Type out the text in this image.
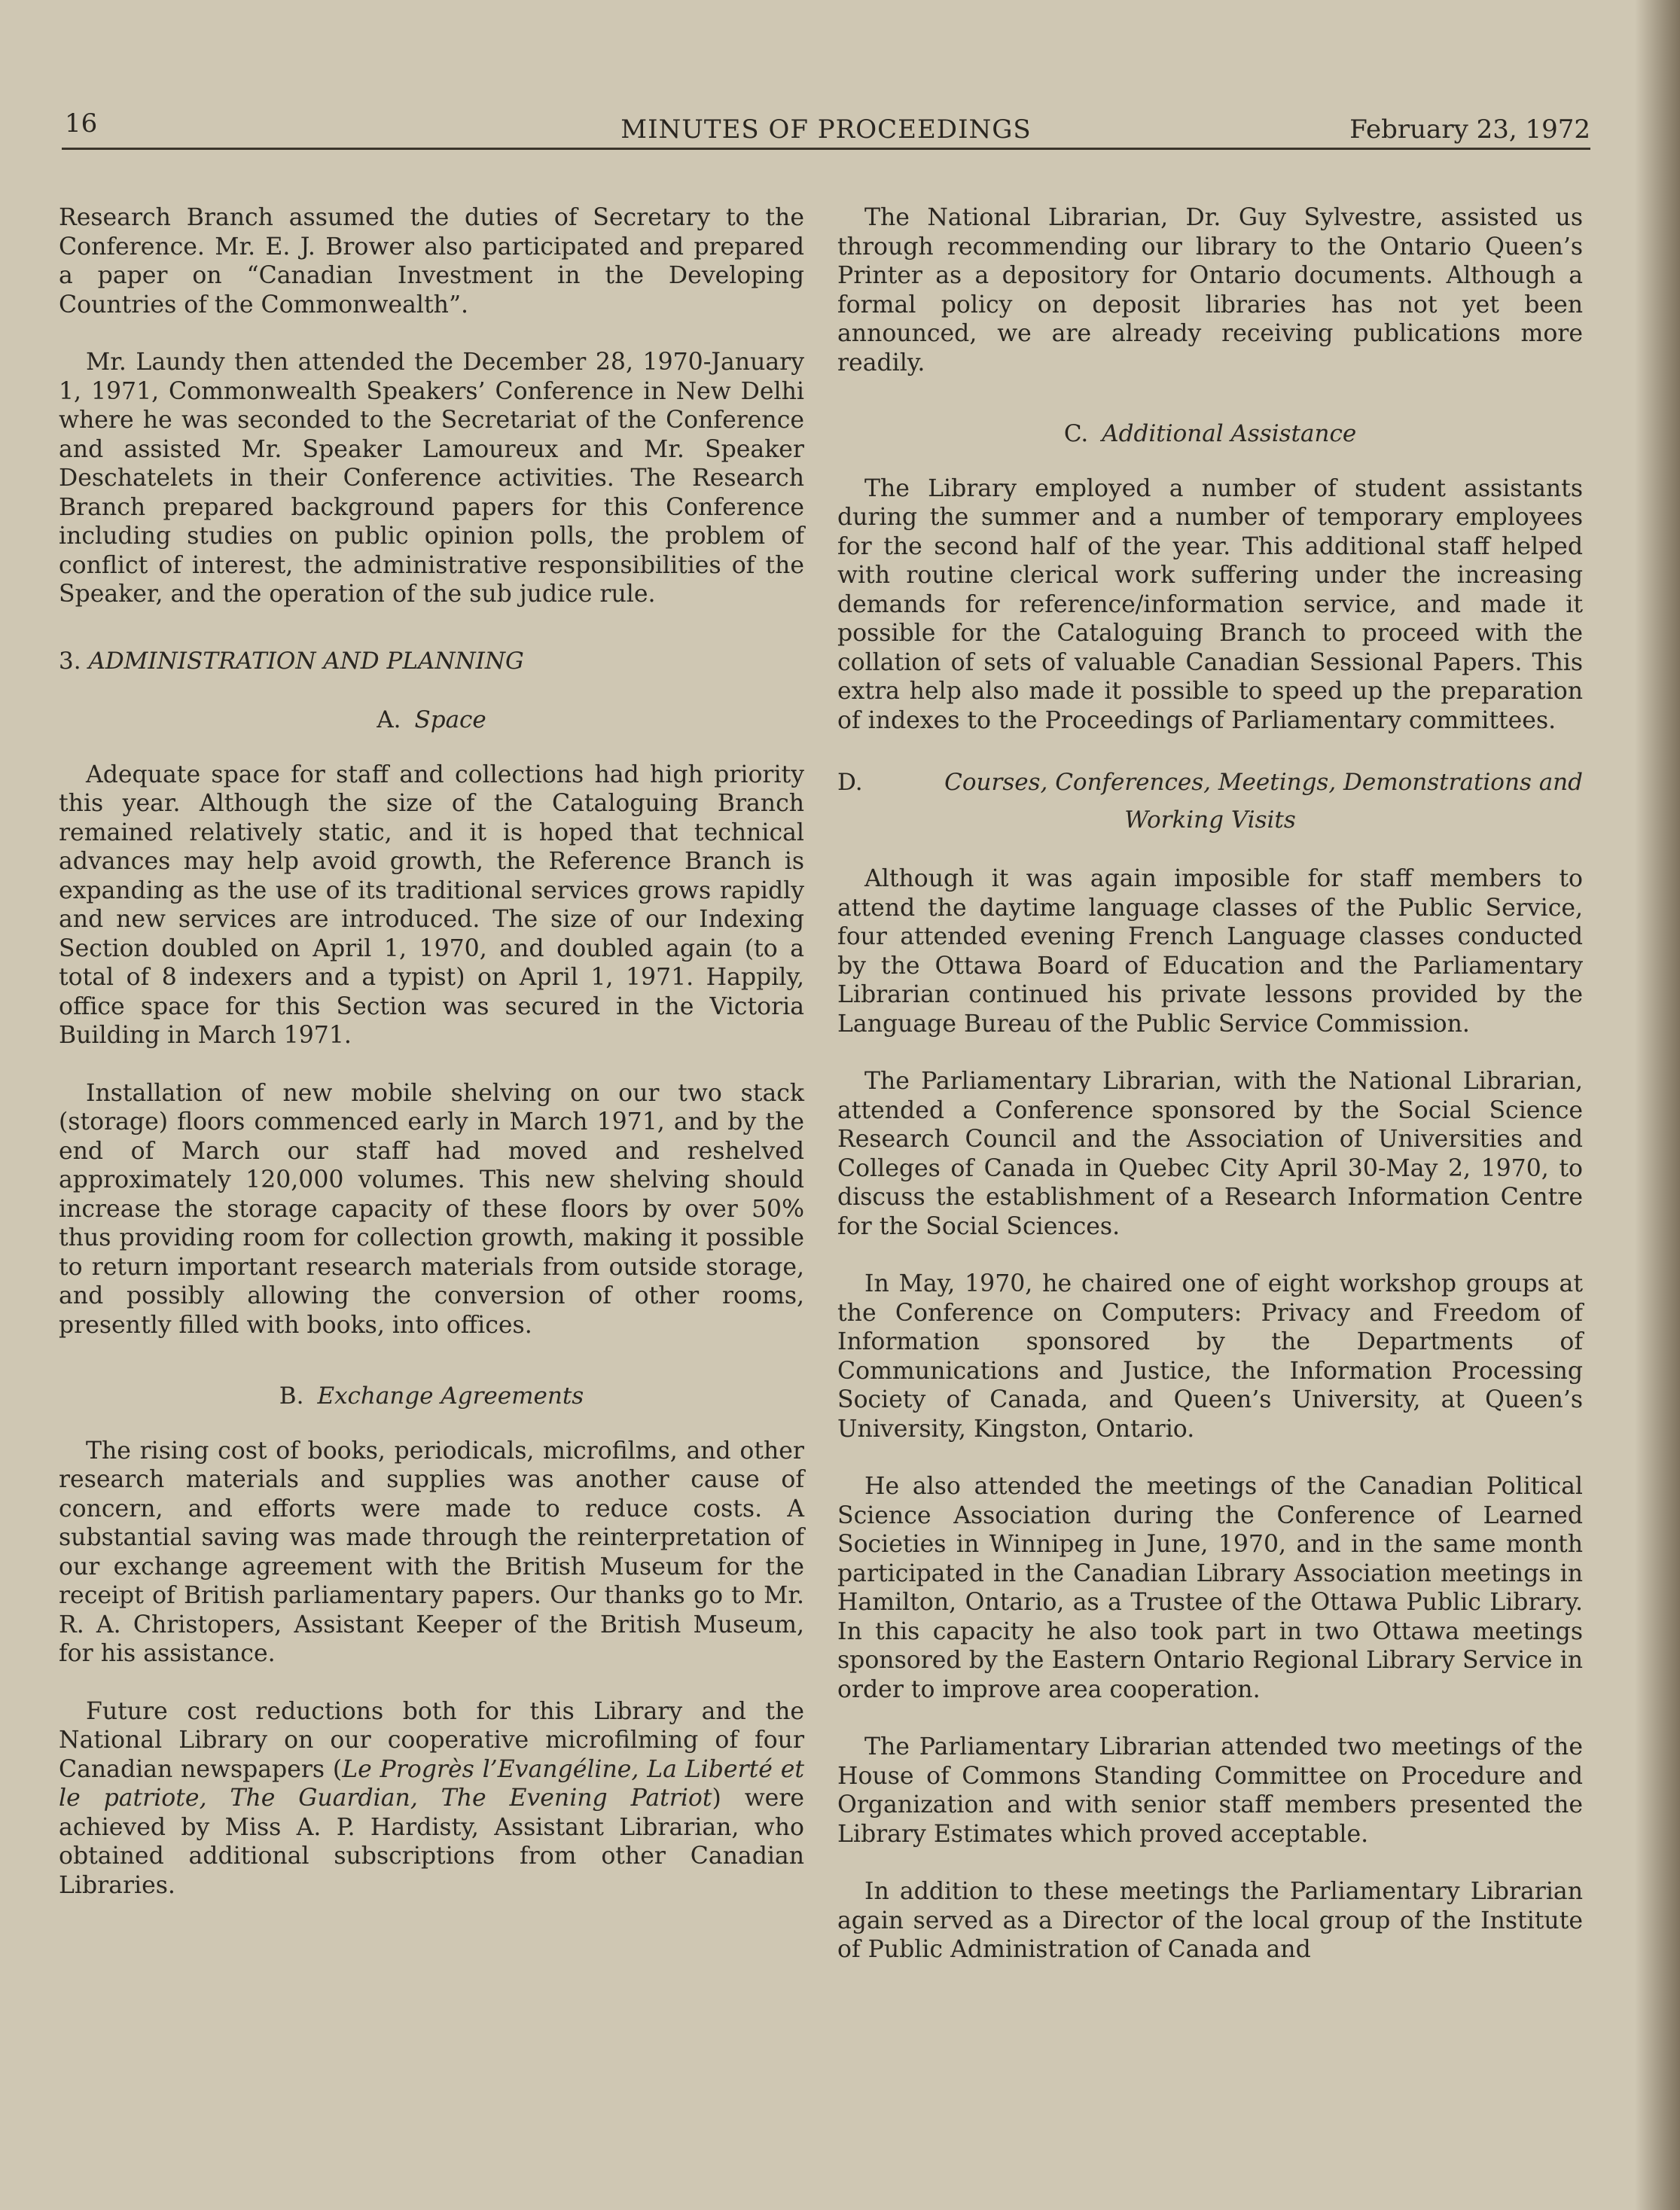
16	MINUTES OF PROCEEDINGS	February 23, 1972

Research Branch assumed the duties of Secretary to the Conference. Mr. E. J. Brower also participated and prepared a paper on “Canadian Investment in the Developing Countries of the Commonwealth”.

Mr. Laundy then attended the December 28, 1970-January 1, 1971, Commonwealth Speakers’ Conference in New Delhi where he was seconded to the Secretariat of the Conference and assisted Mr. Speaker Lamoureux and Mr. Speaker Deschatelets in their Conference activities. The Research Branch prepared background papers for this Conference including studies on public opinion polls, the problem of conflict of interest, the administrative responsibilities of the Speaker, and the operation of the sub judice rule.

3. ADMINISTRATION AND PLANNING
A. Space

Adequate space for staff and collections had high priority this year. Although the size of the Cataloguing Branch remained relatively static, and it is hoped that technical advances may help avoid growth, the Reference Branch is expanding as the use of its traditional services grows rapidly and new services are introduced. The size of our Indexing Section doubled on April 1, 1970, and doubled again (to a total of 8 indexers and a typist) on April 1, 1971. Happily, office space for this Section was secured in the Victoria Building in March 1971.

Installation of new mobile shelving on our two stack (storage) floors commenced early in March 1971, and by the end of March our staff had moved and reshelved approximately 120,000 volumes. This new shelving should increase the storage capacity of these floors by over 50% thus providing room for collection growth, making it possible to return important research materials from outside storage, and possibly allowing the conversion of other rooms, presently filled with books, into offices.

B. Exchange Agreements

The rising cost of books, periodicals, microfilms, and other research materials and supplies was another cause of concern, and efforts were made to reduce costs. A substantial saving was made through the reinterpretation of our exchange agreement with the British Museum for the receipt of British parliamentary papers. Our thanks go to Mr. R. A. Christopers, Assistant Keeper of the British Museum, for his assistance.

Future cost reductions both for this Library and the National Library on our cooperative microfilming of four Canadian newspapers (Le Progrès l’Evangéline, La Liberté et le patriote, The Guardian, The Evening Patriot) were achieved by Miss A. P. Hardisty, Assistant Librarian, who obtained additional subscriptions from other Canadian Libraries.

The National Librarian, Dr. Guy Sylvestre, assisted us through recommending our library to the Ontario Queen’s Printer as a depository for Ontario documents. Although a formal policy on deposit libraries has not yet been announced, we are already receiving publications more readily.

C. Additional Assistance

The Library employed a number of student assistants during the summer and a number of temporary employees for the second half of the year. This additional staff helped with routine clerical work suffering under the increasing demands for reference/information service, and made it possible for the Cataloguing Branch to proceed with the collation of sets of valuable Canadian Sessional Papers. This extra help also made it possible to speed up the preparation of indexes to the Proceedings of Parliamentary committees.

D.	Courses, Conferences, Meetings, Demonstrations and
Working Visits

Although it was again imposible for staff members to attend the daytime language classes of the Public Service, four attended evening French Language classes conducted by the Ottawa Board of Education and the Parliamentary Librarian continued his private lessons provided by the Language Bureau of the Public Service Commission.

The Parliamentary Librarian, with the National Librarian, attended a Conference sponsored by the Social Science Research Council and the Association of Universities and Colleges of Canada in Quebec City April 30-May 2, 1970, to discuss the establishment of a Research Information Centre for the Social Sciences.

In May, 1970, he chaired one of eight workshop groups at the Conference on Computers: Privacy and Freedom of Information sponsored by the Departments of Communications and Justice, the Information Processing Society of Canada, and Queen’s University, at Queen’s University, Kingston, Ontario.

He also attended the meetings of the Canadian Political Science Association during the Conference of Learned Societies in Winnipeg in June, 1970, and in the same month participated in the Canadian Library Association meetings in Hamilton, Ontario, as a Trustee of the Ottawa Public Library. In this capacity he also took part in two Ottawa meetings sponsored by the Eastern Ontario Regional Library Service in order to improve area cooperation.

The Parliamentary Librarian attended two meetings of the House of Commons Standing Committee on Procedure and Organization and with senior staff members presented the Library Estimates which proved acceptable.

In addition to these meetings the Parliamentary Librarian again served as a Director of the local group of the Institute of Public Administration of Canada and
